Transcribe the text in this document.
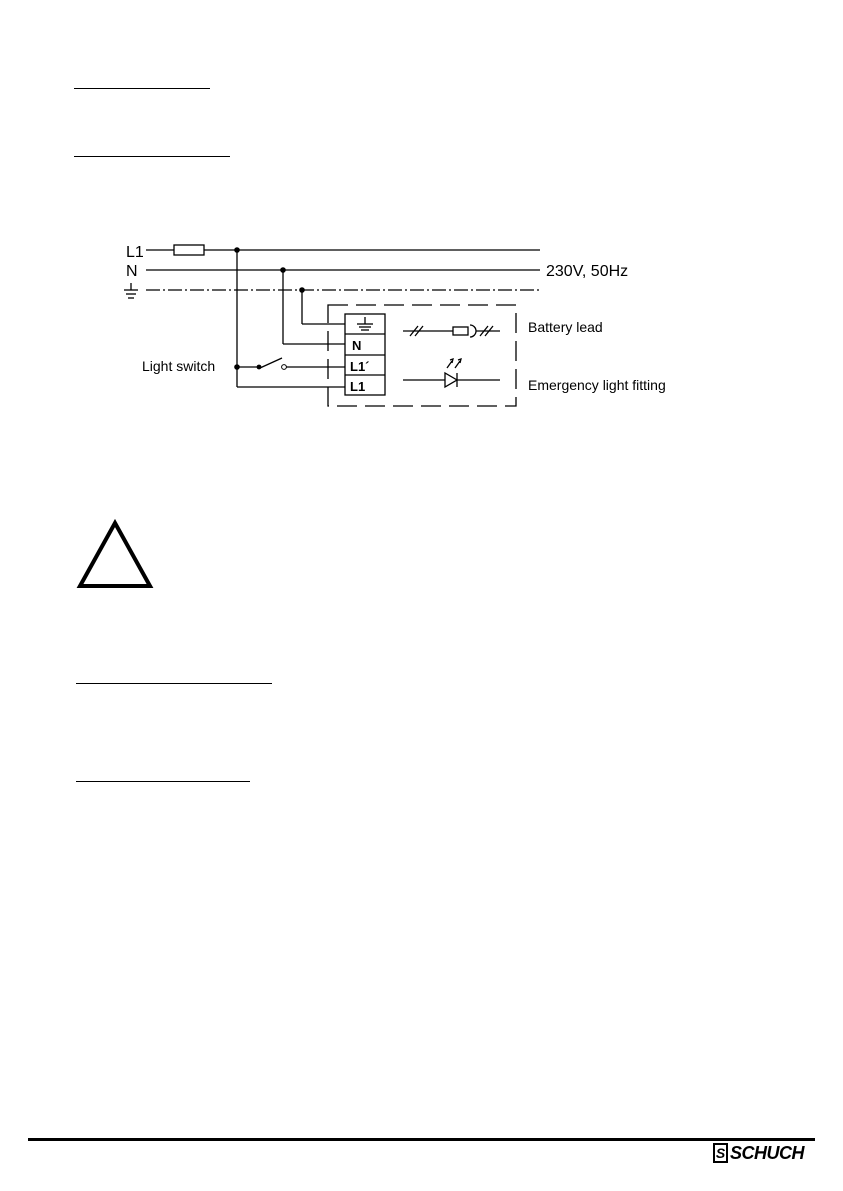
L1
N	230V, 50Hz
Battery lead
Light switch
Emergency light fitting
N
L1´
L1
S SCHUCH
